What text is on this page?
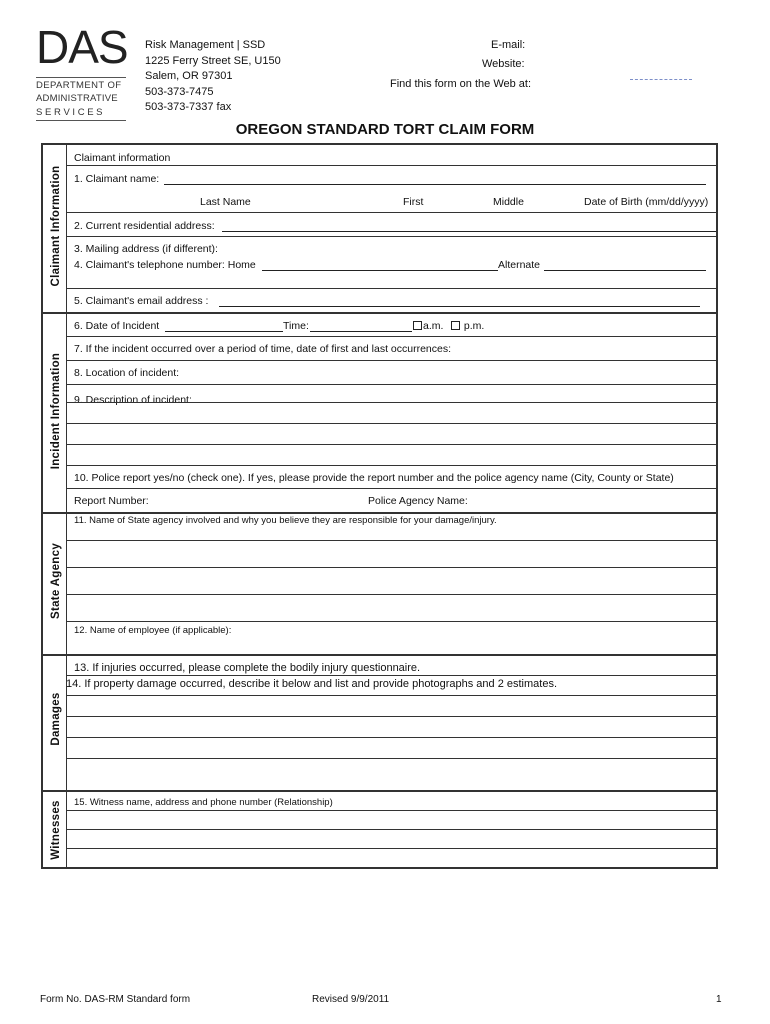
DAS
DEPARTMENT OF
ADMINISTRATIVE
S E R V I C E S
Risk Management | SSD
1225 Ferry Street SE, U150
Salem, OR 97301
503-373-7475
503-373-7337 fax
E-mail:
Website:
Find this form on the Web at:
OREGON STANDARD TORT CLAIM FORM
Claimant Information
Incident Information
State Agency
Damages
Witnesses
Claimant information
1. Claimant name:
Last Name	First	Middle	Date of Birth (mm/dd/yyyy)
2. Current residential address:
3. Mailing address (if different):
4. Claimant's telephone number: Home	Alternate
5. Claimant's email address :
6. Date of Incident	Time:	a.m.	p.m.
7. If the incident occurred over a period of time, date of first and last occurrences:
8. Location of incident:
9. Description of incident:
10. Police report yes/no (check one). If yes, please provide the report number and the police agency name (City, County or State)
Report Number:	Police Agency Name:
11. Name of State agency involved and why you believe they are responsible for your damage/injury.
12. Name of employee (if applicable):
13. If injuries occurred, please complete the bodily injury questionnaire.
14. If property damage occurred, describe it below and list and provide photographs and 2 estimates.
15. Witness name, address and phone number (Relationship)
Form No. DAS-RM Standard form	Revised 9/9/2011	1
